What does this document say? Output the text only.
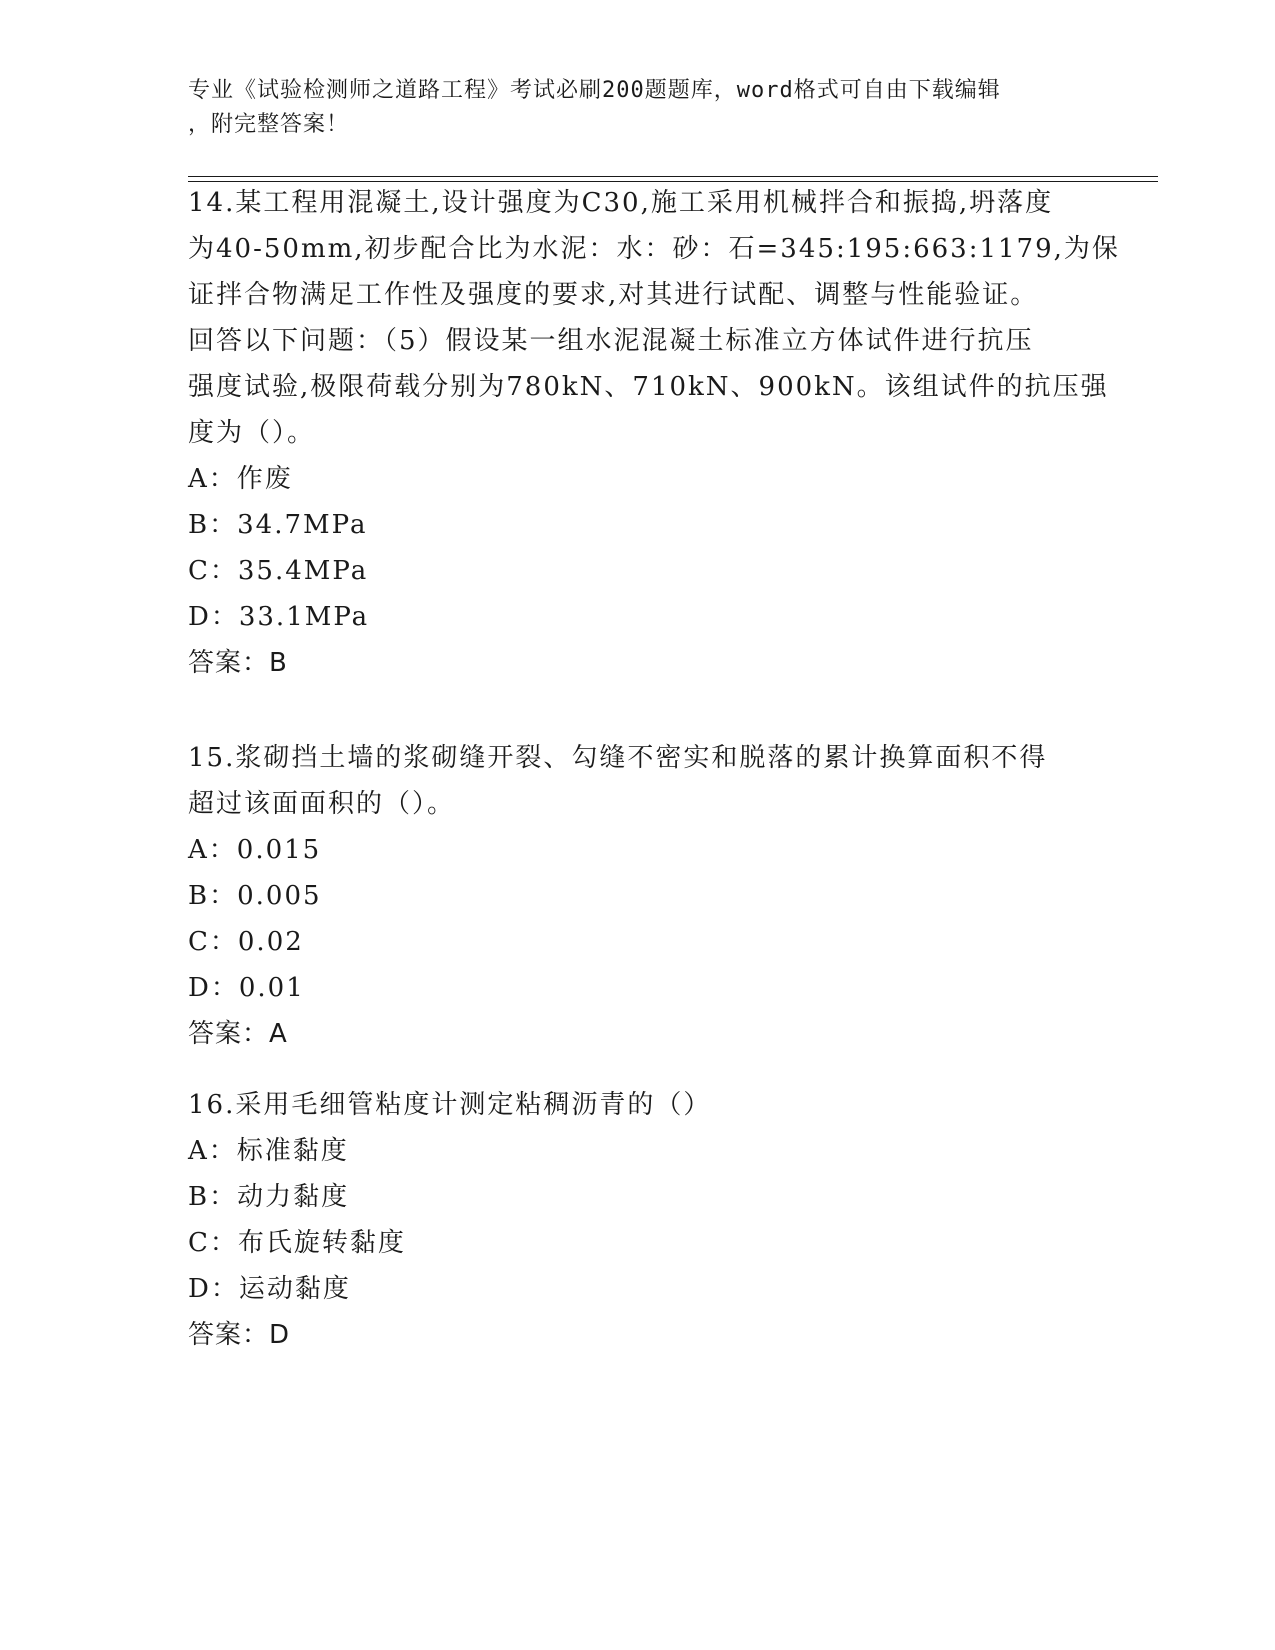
专业《试验检测师之道路工程》考试必刷200题题库，word格式可自由下载编辑
，附完整答案！
14.某工程用混凝土,设计强度为C30,施工采用机械拌合和振捣,坍落度
为40-50mm,初步配合比为水泥：水：砂：石=345:195:663:1179,为保
证拌合物满足工作性及强度的要求,对其进行试配、调整与性能验证。
回答以下问题：（5）假设某一组水泥混凝土标准立方体试件进行抗压
强度试验,极限荷载分别为780kN、710kN、900kN。该组试件的抗压强
度为（）。
A：作废
B：34.7MPa
C：35.4MPa
D：33.1MPa
答案：B
15.浆砌挡土墙的浆砌缝开裂、勾缝不密实和脱落的累计换算面积不得
超过该面面积的（）。
A：0.015
B：0.005
C：0.02
D：0.01
答案：A
16.采用毛细管粘度计测定粘稠沥青的（）
A：标准黏度
B：动力黏度
C：布氏旋转黏度
D：运动黏度
答案：D
